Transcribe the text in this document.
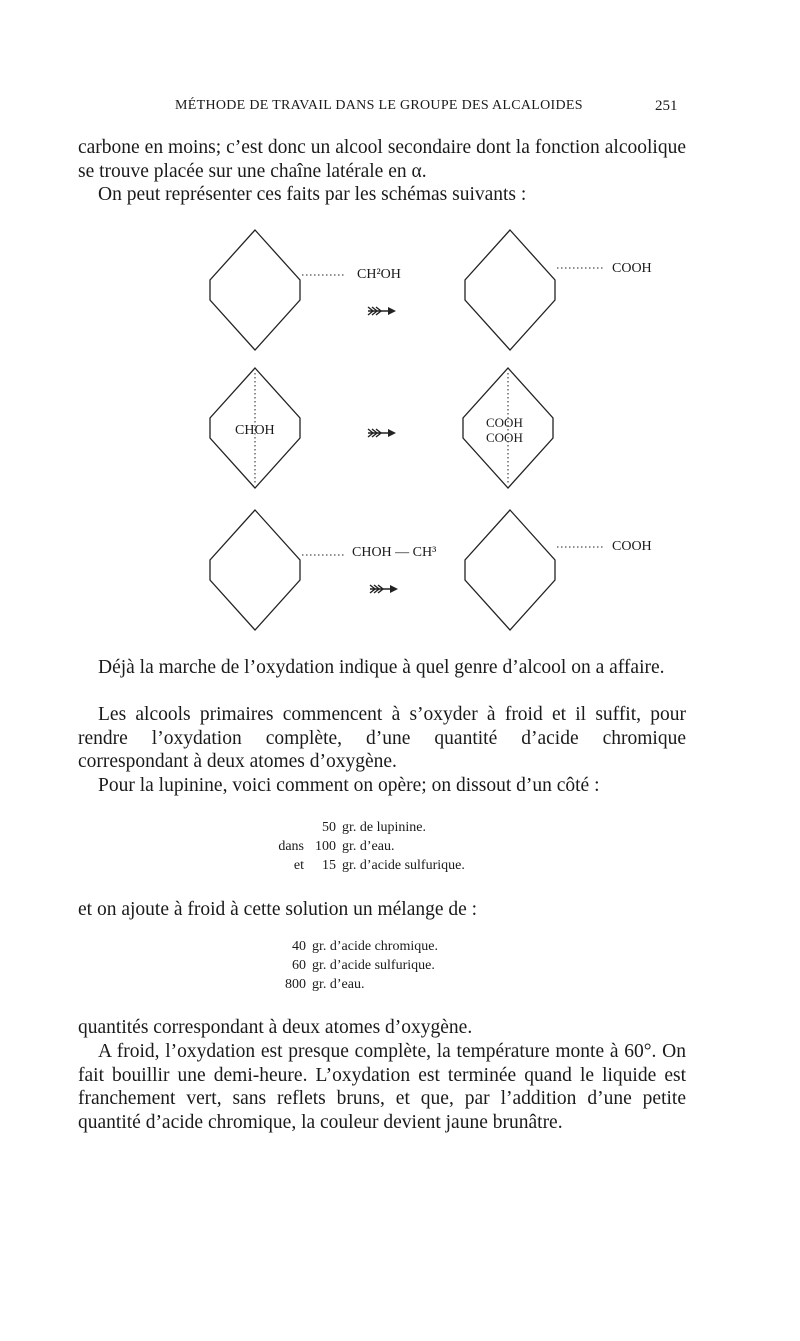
MÉTHODE DE TRAVAIL DANS LE GROUPE DES ALCALOIDES	251

carbone en moins; c’est donc un alcool secondaire dont la fonction alcoolique se trouve placée sur une chaîne latérale en α.

On peut représenter ces faits par les schémas suivants :

CH²OH	COOH
CHOH
COOH
COOH
CHOH — CH³	COOH

Déjà la marche de l’oxydation indique à quel genre d’alcool on a affaire.

Les alcools primaires commencent à s’oxyder à froid et il suffit, pour rendre l’oxydation complète, d’une quantité d’acide chromique correspondant à deux atomes d’oxygène.

Pour la lupinine, voici comment on opère; on dissout d’un côté :

50 gr. de lupinine.
dans 100 gr. d’eau.
et 15 gr. d’acide sulfurique.

et on ajoute à froid à cette solution un mélange de :

40 gr. d’acide chromique.
60 gr. d’acide sulfurique.
800 gr. d’eau.

quantités correspondant à deux atomes d’oxygène.

A froid, l’oxydation est presque complète, la température monte à 60°. On fait bouillir une demi-heure. L’oxydation est terminée quand le liquide est franchement vert, sans reflets bruns, et que, par l’addition d’une petite quantité d’acide chromique, la couleur devient jaune brunâtre.
